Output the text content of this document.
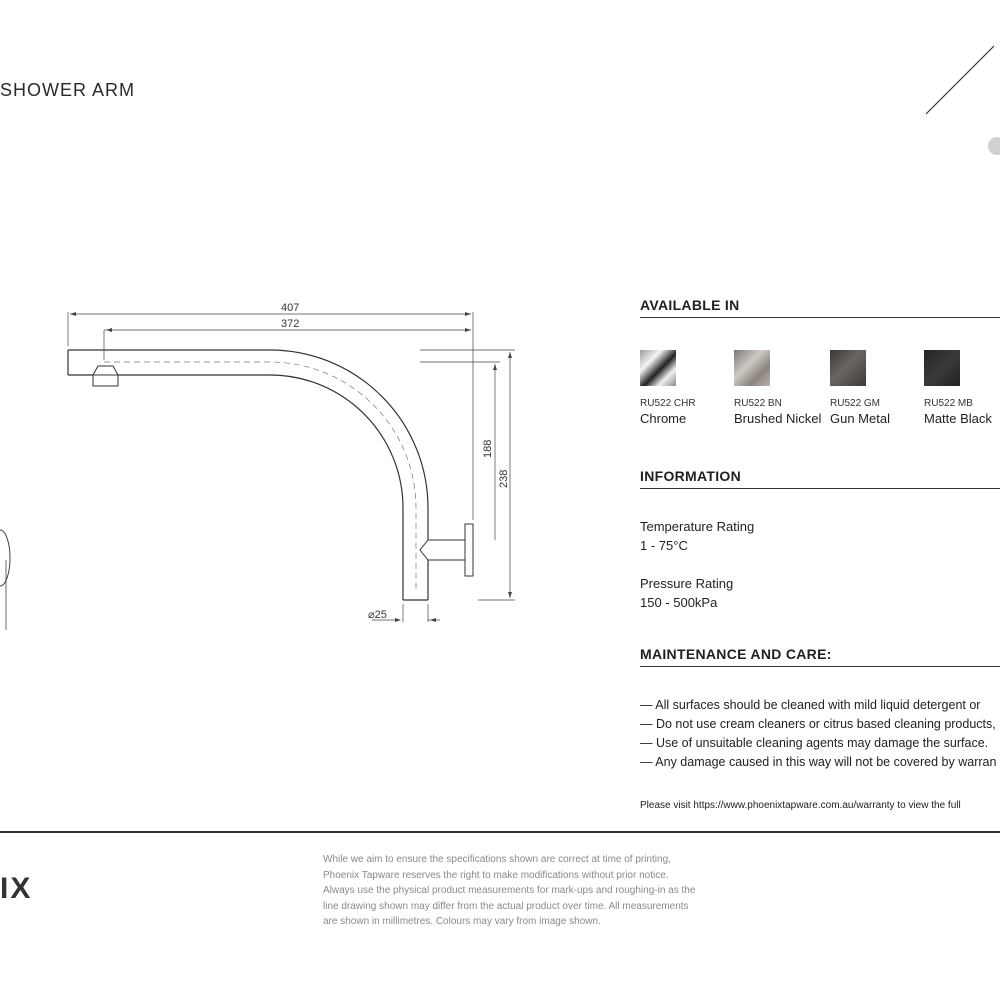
SHOWER ARM
407
372
188
238
⌀25
AVAILABLE IN
RU522 CHR
Chrome
RU522 BN
Brushed Nickel
RU522 GM
Gun Metal
RU522 MB
Matte Black
INFORMATION
Temperature Rating
1 - 75°C
Pressure Rating
150 - 500kPa
MAINTENANCE AND CARE:
— All surfaces should be cleaned with mild liquid detergent or
— Do not use cream cleaners or citrus based cleaning products,
— Use of unsuitable cleaning agents may damage the surface.
— Any damage caused in this way will not be covered by warran
Please visit https://www.phoenixtapware.com.au/warranty to view the full
IX
While we aim to ensure the specifications shown are correct at time of printing,
Phoenix Tapware reserves the right to make modifications without prior notice.
Always use the physical product measurements for mark-ups and roughing-in as the
line drawing shown may differ from the actual product over time. All measurements
are shown in millimetres. Colours may vary from image shown.
